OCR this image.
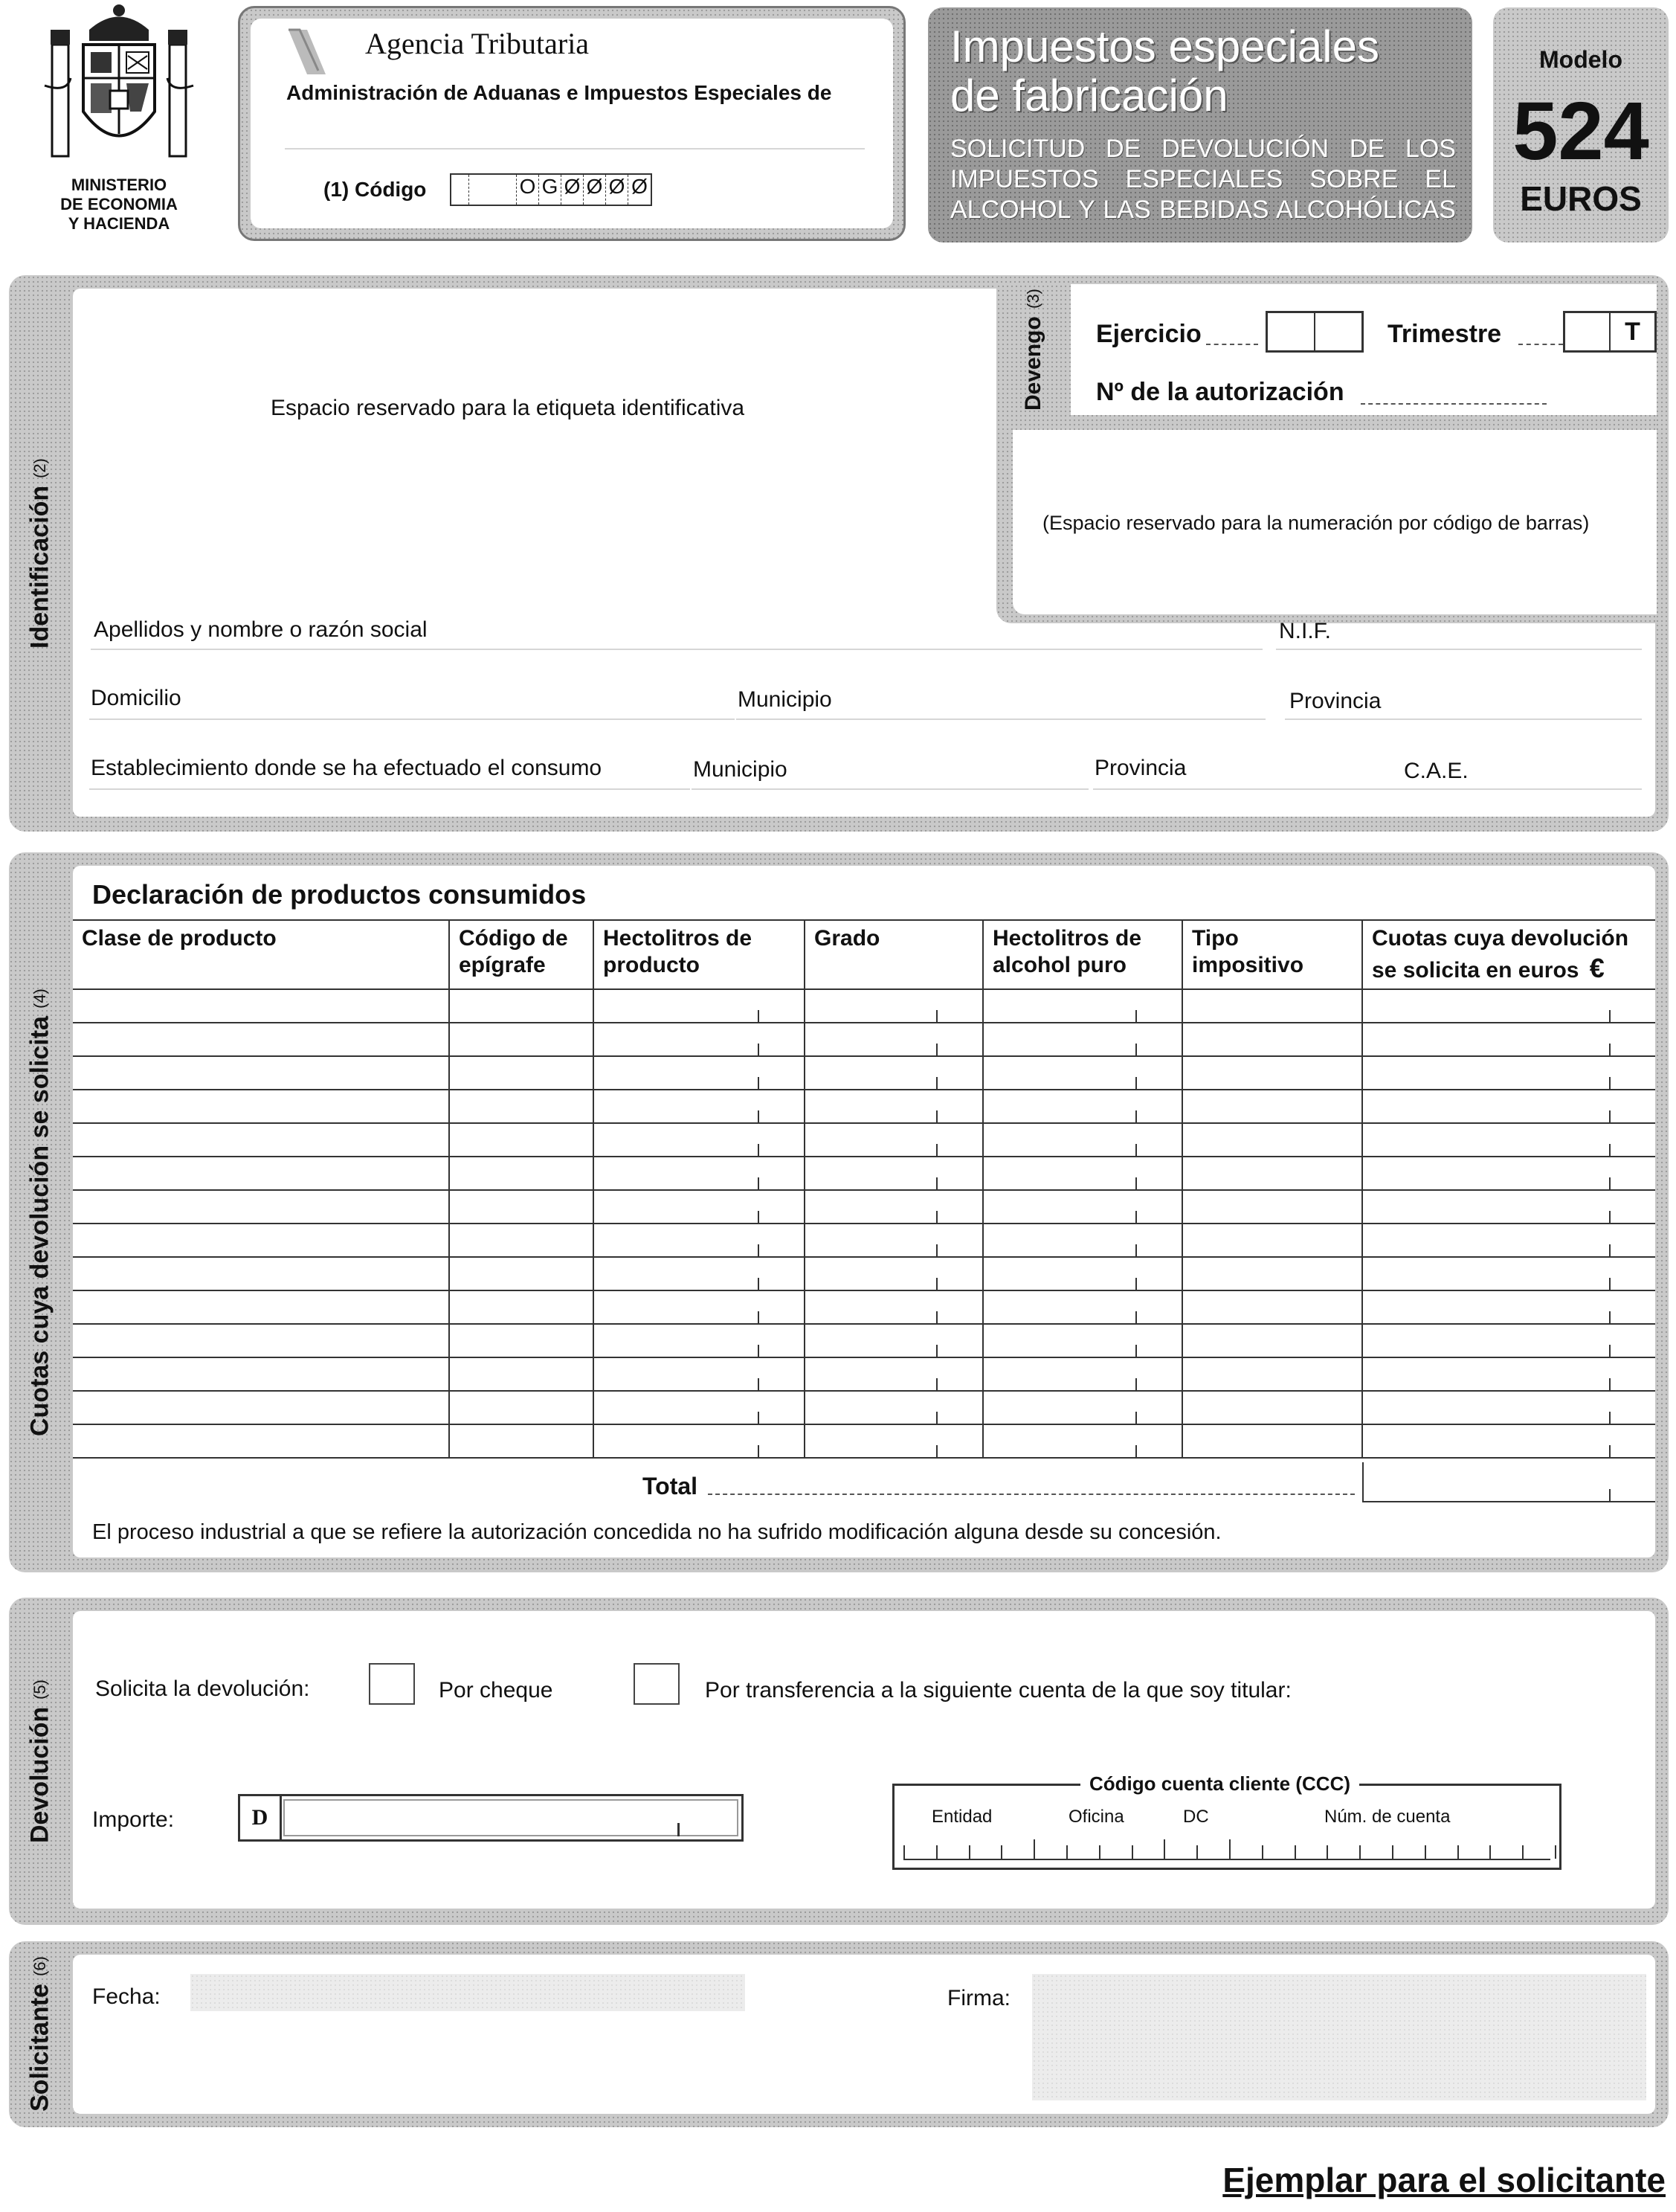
MINISTERIO
DE ECONOMIA
Y HACIENDA
Agencia Tributaria
Administración de Aduanas e Impuestos Especiales de
(1) Código	O G Ø Ø Ø Ø
Impuestos especiales
de fabricación
SOLICITUD DE DEVOLUCIÓN DE LOS
IMPUESTOS ESPECIALES SOBRE EL
ALCOHOL Y LAS BEBIDAS ALCOHÓLICAS
Modelo
524
EUROS
Identificación
(2)
Espacio reservado para la etiqueta identificativa	Devengo
(3)
Ejercicio	Trimestre	T
Nº de la autorización
(Espacio reservado para la numeración por código de barras)
Apellidos y nombre o razón social	N.I.F.
Domicilio	Municipio	Provincia
Establecimiento donde se ha efectuado el consumo	Municipio	Provincia	C.A.E.
Cuotas cuya devolución se solicita
(4)
Declaración de productos consumidos
Clase de producto	Código de epígrafe	Hectolitros de producto	Grado	Hectolitros de alcohol puro	Tipo impositivo	Cuotas cuya devolución se solicita en euros €

Total
El proceso industrial a que se refiere la autorización concedida no ha sufrido modificación alguna desde su concesión.
Devolución
(5) Solicita la devolución:	Por cheque	Por transferencia a la siguiente cuenta de la que soy titular:
Importe:	D
Código cuenta cliente (CCC)
Entidad	Oficina	DC	Núm. de cuenta
Solicitante
(6)
Fecha:	Firma:
Ejemplar para el solicitante
